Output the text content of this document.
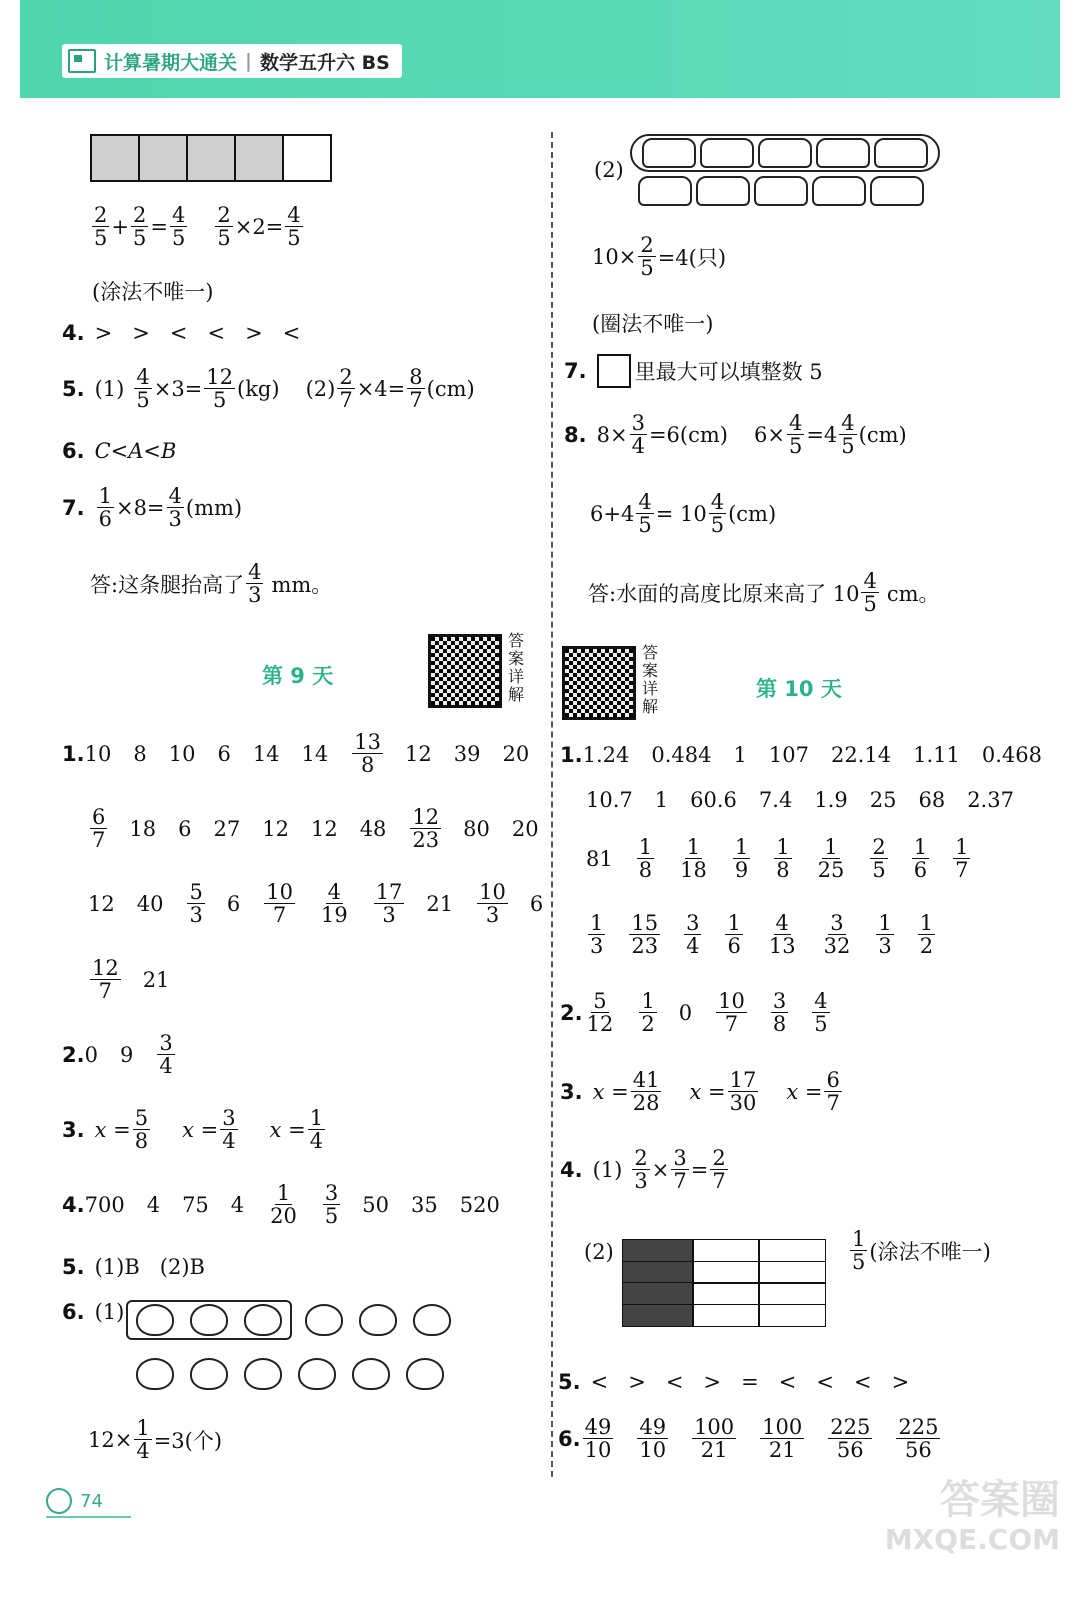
计算暑期大通关 | 数学五升六 BS
$\frac{2}{5} + \frac{2}{5} = \frac{4}{5} \frac{2}{5} \times 2= \frac{4}{5}$
(涂法不唯一)
4. >   >   <   <   >   <
5. $(1) \frac{4}{5} \times 3= \frac{12}{5} (kg)$ $(2) \frac{2}{7} \times 4= \frac{8}{7} (cm)$
6. C<A<B
7. $\frac{1}{6} \times 8= \frac{4}{3} (mm)$
答:这条腿抬高了 $\frac{4}{3}$ mm。
答案详解
第 9 天
1. 10 8 10 6 14 $14 \frac{13}{8} 12$ 39 20
$\frac{6}{7} 18$ 6 27 12 12 $48 \frac{12}{23} 80$ 20
12 $40 \frac{5}{3} 6 \frac{10}{7} \frac{4}{19} \frac{17}{3} 21 \frac{10}{3} 6$
$\frac{12}{7} 21$
2. 0 $9 \frac{3}{4}$
3. $x = \frac{5}{8}$ $x = \frac{3}{4}$ $x = \frac{1}{4}$
4. 700 4 75 $4 \frac{1}{20} \frac{3}{5} 50$ 35 520
5. (1)B (2)B
6. (1)

$12\times \frac{1}{4} =3$(个)
(2)
$10\times \frac{2}{5} =4$(只)
(圈法不唯一)
7. 里最大可以填整数 5
8. $8\times \frac{3}{4} =6(cm)$ $6\times \frac{4}{5} =4 \frac{4}{5} (cm)$
$6+4 \frac{4}{5} = 10 \frac{4}{5} (cm)$
答:水面的高度比原来高了 $10 \frac{4}{5}$ cm。
答案详解
第 10 天
1. 1.24 0.484 1 107 22.14 1.11 0.468
10.7 1 60.6 7.4 1.9 25 68 2.37
$81 \frac{1}{8} \frac{1}{18} \frac{1}{9} \frac{1}{8} \frac{1}{25} \frac{2}{5} \frac{1}{6} \frac{1}{7}$
$\frac{1}{3} \frac{15}{23} \frac{3}{4} \frac{1}{6} \frac{4}{13} \frac{3}{32} \frac{1}{3} \frac{1}{2}$
2. $\frac{5}{12} \frac{1}{2} 0 \frac{10}{7} \frac{3}{8} \frac{4}{5}$
3. $x = \frac{41}{28}$ $x = \frac{17}{30}$ $x = \frac{6}{7}$
4. $(1) \frac{2}{3} \times \frac{3}{7} = \frac{2}{7}$
(2)	$\frac{1}{5}$ (涂法不唯一)
5. <   >   <   >   =   <   <   <   >
6. $\frac{49}{10} \frac{49}{10} \frac{100}{21} \frac{100}{21} \frac{225}{56} \frac{225}{56}$
74	答案圈
MXQE.COM
